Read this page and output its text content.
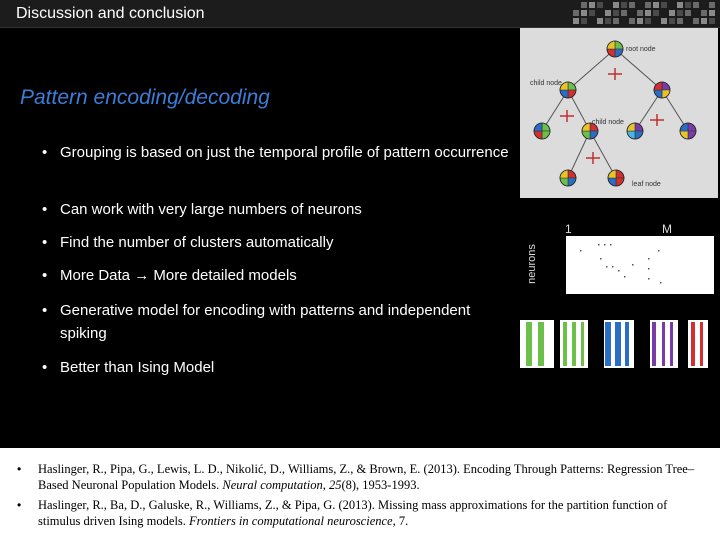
Discussion and conclusion
Pattern encoding/decoding
• Grouping is based on just the temporal profile of pattern occurrence
• Can work with very large numbers of neurons
• Find the number of clusters automatically
• More Data → More detailed models
• Generative model for encoding with patterns and independent spiking
• Better than Ising Model
root node
child node
child node
leaf node
1	M
neurons
• Haslinger, R., Pipa, G., Lewis, L. D., Nikolić, D., Williams, Z., & Brown, E. (2013). Encoding Through Patterns: Regression Tree–Based Neuronal Population Models. Neural computation, 25(8), 1953-1993.
• Haslinger, R., Ba, D., Galuske, R., Williams, Z., & Pipa, G. (2013). Missing mass approximations for the partition function of stimulus driven Ising models. Frontiers in computational neuroscience, 7.
